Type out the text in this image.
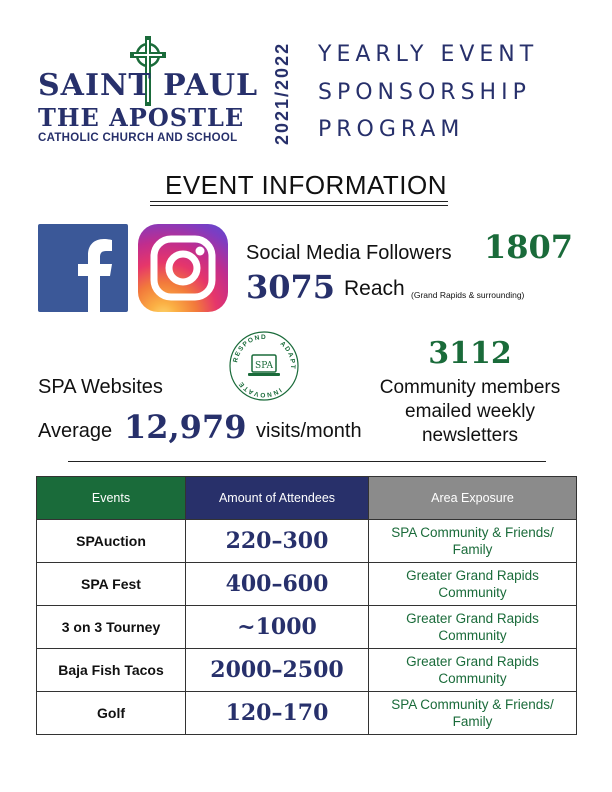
SAINT PAUL
THE APOSTLE
CATHOLIC CHURCH AND SCHOOL 2021/2022 YEARLY EVENT
SPONSORSHIP
PROGRAM
EVENT INFORMATION
Social Media Followers 1807
3075 Reach (Grand Rapids & surrounding)
RESPOND
ADAPT
INNOVATE
SPA
SPA Websites
Average 12,979 visits/month
3112
Community members
emailed weekly
newsletters
Events	Amount of Attendees	Area Exposure
SPAuction	220–300	SPA Community & Friends/ Family
SPA Fest	400–600	Greater Grand Rapids Community
3 on 3 Tourney	~1000	Greater Grand Rapids Community
Baja Fish Tacos	2000–2500	Greater Grand Rapids Community
Golf	120–170	SPA Community & Friends/ Family
